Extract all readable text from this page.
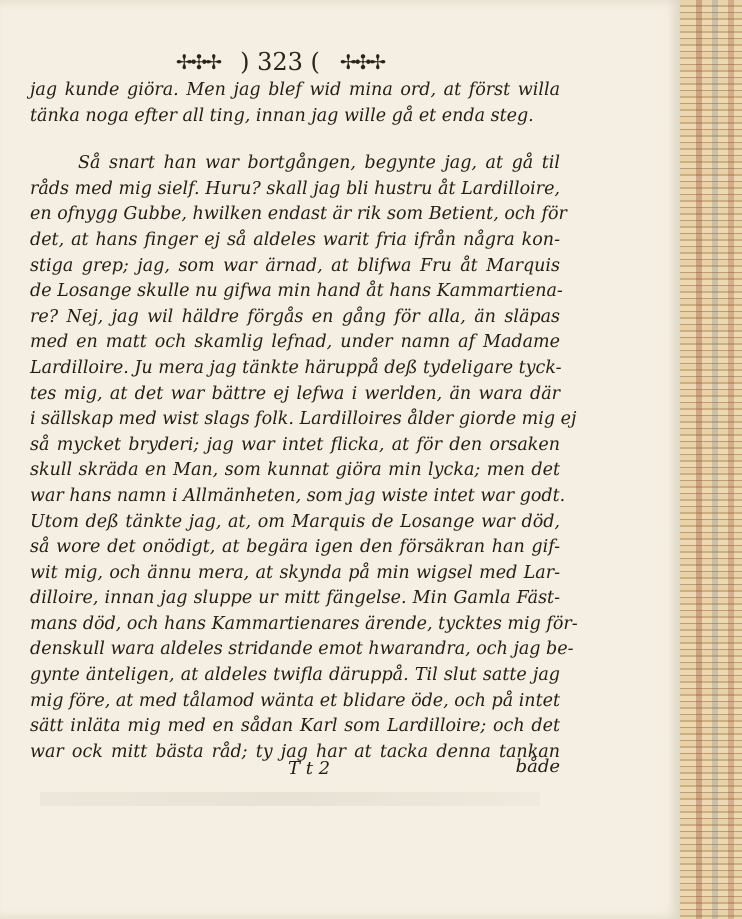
✢✣✢ ) 323 ( ✢✣✢
jag kunde giöra. Men jag blef wid mina ord, at först willa
tänka noga efter all ting, innan jag wille gå et enda steg.
Så snart han war bortgången, begynte jag, at gå til
råds med mig sielf. Huru? skall jag bli hustru åt Lardilloire,
en ofnygg Gubbe, hwilken endast är rik som Betient, och för
det, at hans finger ej så aldeles warit fria ifrån några kon-
stiga grep; jag, som war ärnad, at blifwa Fru åt Marquis
de Losange skulle nu gifwa min hand åt hans Kammartiena-
re? Nej, jag wil häldre förgås en gång för alla, än släpas
med en matt och skamlig lefnad, under namn af Madame
Lardilloire. Ju mera jag tänkte häruppå deß tydeligare tyck-
tes mig, at det war bättre ej lefwa i werlden, än wara där
i sällskap med wist slags folk. Lardilloires ålder giorde mig ej
så mycket bryderi; jag war intet flicka, at för den orsaken
skull skräda en Man, som kunnat giöra min lycka; men det
war hans namn i Allmänheten, som jag wiste intet war godt.
Utom deß tänkte jag, at, om Marquis de Losange war död,
så wore det onödigt, at begära igen den försäkran han gif-
wit mig, och ännu mera, at skynda på min wigsel med Lar-
dilloire, innan jag sluppe ur mitt fängelse. Min Gamla Fäst-
mans död, och hans Kammartienares ärende, tycktes mig för-
denskull wara aldeles stridande emot hwarandra, och jag be-
gynte änteligen, at aldeles twifla däruppå. Til slut satte jag
mig före, at med tålamod wänta et blidare öde, och på intet
sätt inläta mig med en sådan Karl som Lardilloire; och det
war ock mitt bästa råd; ty jag har at tacka denna tankan
T t 2	både
